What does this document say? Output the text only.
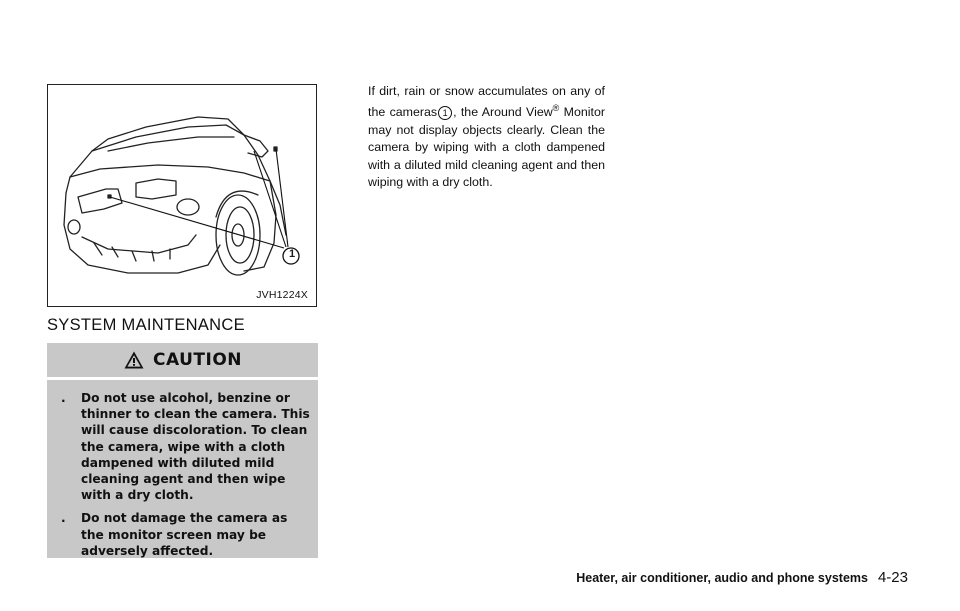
1
JVH1224X
SYSTEM MAINTENANCE
CAUTION
. Do not use alcohol, benzine or thinner to clean the camera. This will cause discoloration. To clean the camera, wipe with a cloth dampened with diluted mild cleaning agent and then wipe with a dry cloth.
. Do not damage the camera as the monitor screen may be adversely affected.

If dirt, rain or snow accumulates on any of the cameras 1 , the Around View® Monitor may not display objects clearly. Clean the camera by wiping with a cloth dampened with a diluted mild cleaning agent and then wiping with a dry cloth.

Heater, air conditioner, audio and phone systems 4-23
